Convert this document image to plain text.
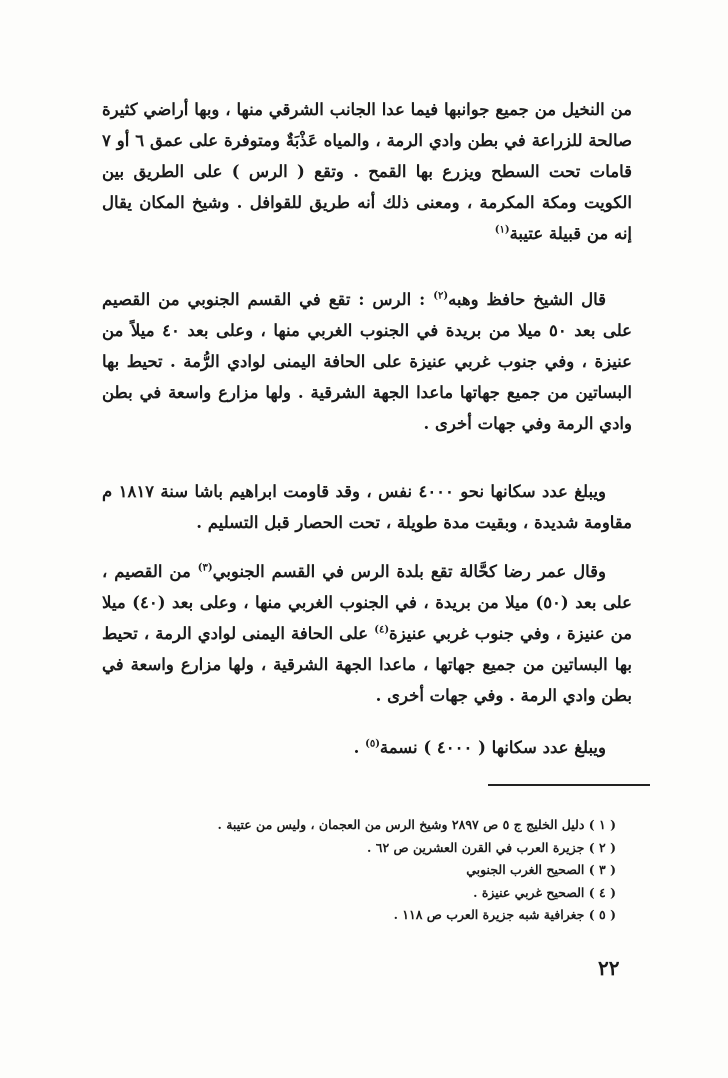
من النخيل من جميع جوانبها فيما عدا الجانب الشرقي منها ، وبها أراضي كثيرة صالحة للزراعة في بطن وادي الرمة ، والمياه عَذْبَةٌ ومتوفرة على عمق ٦ أو ٧ قامات تحت السطح ويزرع بها القمح . وتقع ( الرس ) على الطريق بين الكويت ومكة المكرمة ، ومعنى ذلك أنه طريق للقوافل . وشيخ المكان يقال إنه من قبيلة عتيبة$^{(١)}$
قال الشيخ حافظ وهبه$^{(٢)}$ : الرس : تقع في القسم الجنوبي من القصيم على بعد ٥٠ ميلا من بريدة في الجنوب الغربي منها ، وعلى بعد ٤٠ ميلاً من عنيزة ، وفي جنوب غربي عنيزة على الحافة اليمنى لوادي الرُّمة . تحيط بها البساتين من جميع جهاتها ماعدا الجهة الشرقية . ولها مزارع واسعة في بطن وادي الرمة وفي جهات أخرى .
ويبلغ عدد سكانها نحو ٤٠٠٠ نفس ، وقد قاومت ابراهيم باشا سنة ١٨١٧ م مقاومة شديدة ، وبقيت مدة طويلة ، تحت الحصار قبل التسليم .
وقال عمر رضا كحَّالة تقع بلدة الرس في القسم الجنوبي$^{(٣)}$ من القصيم ، على بعد (٥٠) ميلا من بريدة ، في الجنوب الغربي منها ، وعلى بعد (٤٠) ميلا من عنيزة ، وفي جنوب غربي عنيزة$^{(٤)}$ على الحافة اليمنى لوادي الرمة ، تحيط بها البساتين من جميع جهاتها ، ماعدا الجهة الشرقية ، ولها مزارع واسعة في بطن وادي الرمة . وفي جهات أخرى .
ويبلغ عدد سكانها ( ٤٠٠٠ ) نسمة$^{(٥)}$ .
( ١ ) دليل الخليج ج ٥ ص ٢٨٩٧ وشيخ الرس من العجمان ، وليس من عتيبة .
( ٢ ) جزيرة العرب في القرن العشرين ص ٦٢ .
( ٣ ) الصحيح الغرب الجنوبي
( ٤ ) الصحيح غربي عنيزة .
( ٥ ) جغرافية شبه جزيرة العرب ص ١١٨ .
٢٢
